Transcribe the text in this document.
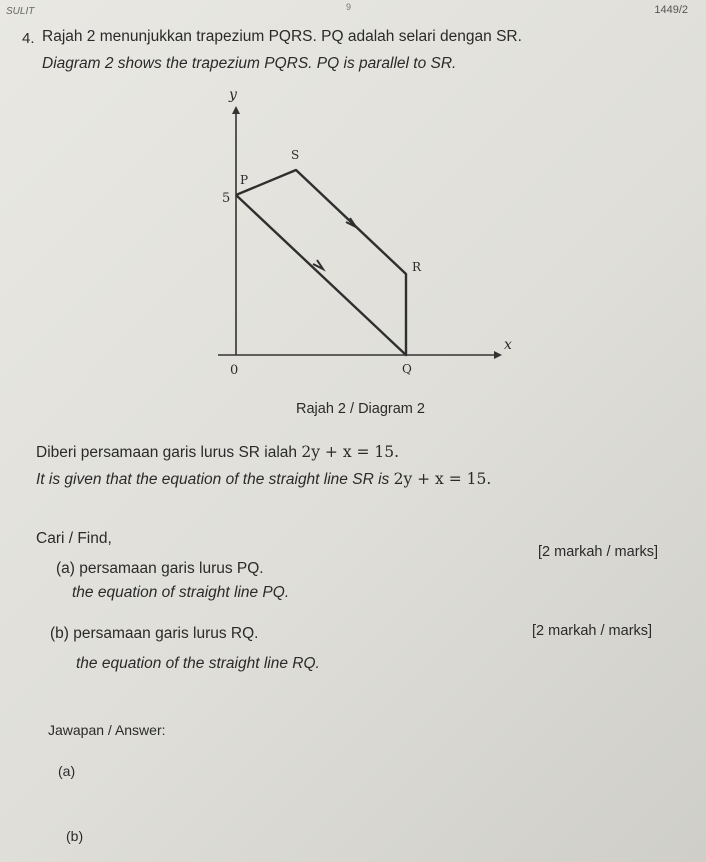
SULIT	9	1449/2
4. Rajah 2 menunjukkan trapezium PQRS. PQ adalah selari dengan SR.
Diagram 2 shows the trapezium PQRS. PQ is parallel to SR.
y
x
0
5
P
S
R
Q
Rajah 2 / Diagram 2
Diberi persamaan garis lurus SR ialah 2y + x = 15.
It is given that the equation of the straight line SR is 2y + x = 15.
Cari / Find,
(a) persamaan garis lurus PQ.
[2 markah / marks]
the equation of straight line PQ.
(b) persamaan garis lurus RQ.	[2 markah / marks]
the equation of the straight line RQ.
Jawapan / Answer:
(a)
(b)
